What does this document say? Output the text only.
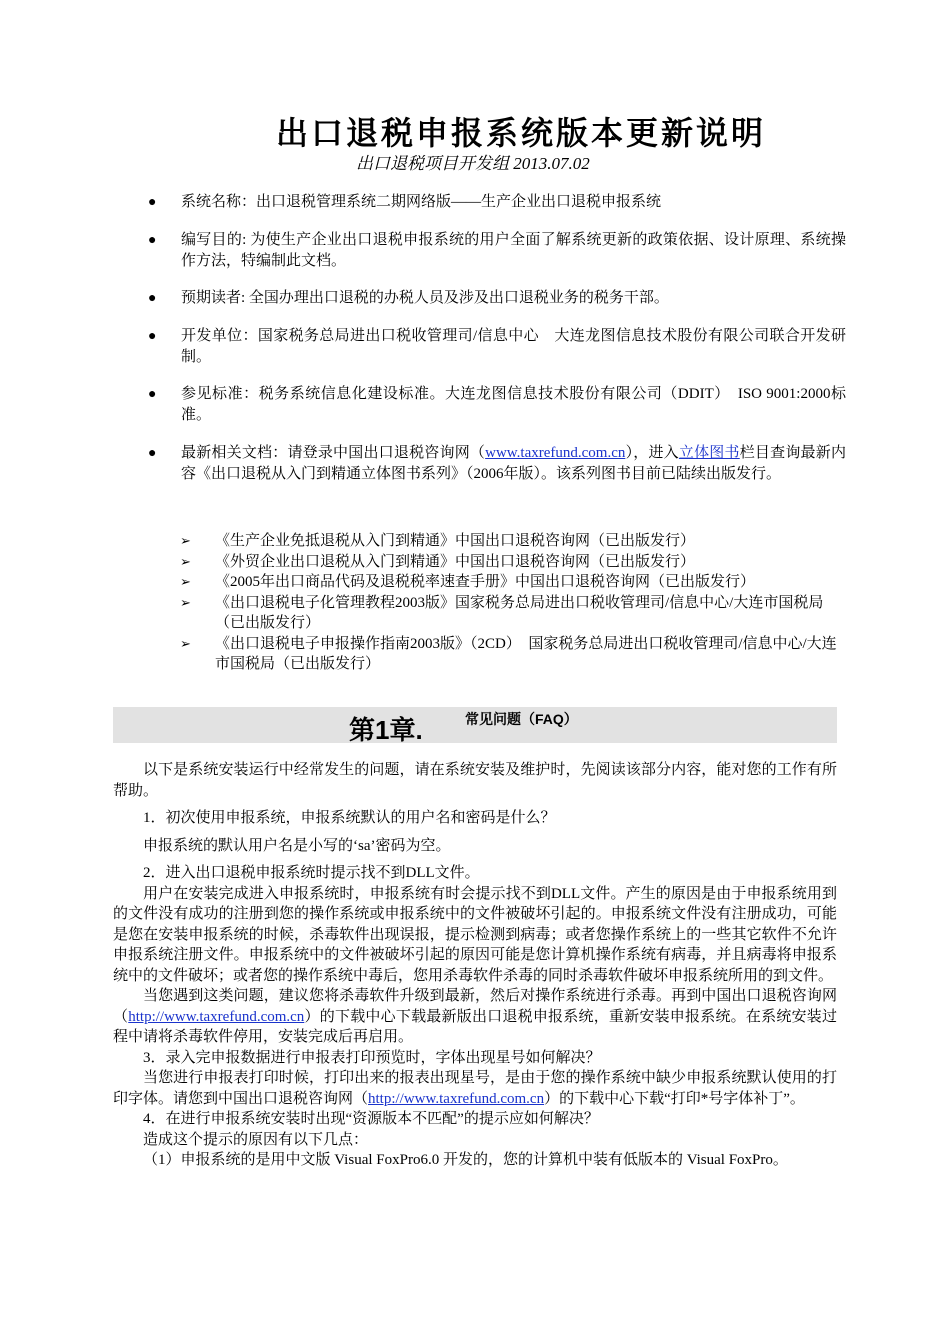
出口退税申报系统版本更新说明
出口退税项目开发组 2013.07.02
● 系统名称：出口退税管理系统二期网络版——生产企业出口退税申报系统
● 编写目的: 为使生产企业出口退税申报系统的用户全面了解系统更新的政策依据、设计原理、系统操作方法，特编制此文档。
● 预期读者: 全国办理出口退税的办税人员及涉及出口退税业务的税务干部。
● 开发单位：国家税务总局进出口税收管理司/信息中心　大连龙图信息技术股份有限公司联合开发研制。
● 参见标准：税务系统信息化建设标准。大连龙图信息技术股份有限公司（DDIT）　ISO 9001:2000标准。
● 最新相关文档：请登录中国出口退税咨询网（www.taxrefund.com.cn），进入立体图书栏目查询最新内容《出口退税从入门到精通立体图书系列》（2006年版）。该系列图书目前已陆续出版发行。
➢ 《生产企业免抵退税从入门到精通》中国出口退税咨询网（已出版发行）
➢ 《外贸企业出口退税从入门到精通》中国出口退税咨询网（已出版发行）
➢ 《2005年出口商品代码及退税税率速查手册》中国出口退税咨询网（已出版发行）
➢ 《出口退税电子化管理教程2003版》国家税务总局进出口税收管理司/信息中心/大连市国税局（已出版发行）
➢ 《出口退税电子申报操作指南2003版》（2CD）　国家税务总局进出口税收管理司/信息中心/大连市国税局（已出版发行）
第1章.	常见问题（FAQ）

以下是系统安装运行中经常发生的问题，请在系统安装及维护时，先阅读该部分内容，能对您的工作有所帮助。

1．初次使用申报系统，申报系统默认的用户名和密码是什么？

申报系统的默认用户名是小写的‘sa’密码为空。

2．进入出口退税申报系统时提示找不到DLL文件。

用户在安装完成进入申报系统时，申报系统有时会提示找不到DLL文件。产生的原因是由于申报系统用到的文件没有成功的注册到您的操作系统或申报系统中的文件被破坏引起的。申报系统文件没有注册成功，可能是您在安装申报系统的时候，杀毒软件出现误报，提示检测到病毒；或者您操作系统上的一些其它软件不允许申报系统注册文件。申报系统中的文件被破坏引起的原因可能是您计算机操作系统有病毒，并且病毒将申报系统中的文件破坏；或者您的操作系统中毒后，您用杀毒软件杀毒的同时杀毒软件破坏申报系统所用的到文件。

当您遇到这类问题，建议您将杀毒软件升级到最新，然后对操作系统进行杀毒。再到中国出口退税咨询网（http://www.taxrefund.com.cn）的下载中心下载最新版出口退税申报系统，重新安装申报系统。在系统安装过程中请将杀毒软件停用，安装完成后再启用。

3．录入完申报数据进行申报表打印预览时，字体出现星号如何解决？

当您进行申报表打印时候，打印出来的报表出现星号，是由于您的操作系统中缺少申报系统默认使用的打印字体。请您到中国出口退税咨询网（http://www.taxrefund.com.cn）的下载中心下载“打印*号字体补丁”。

4．在进行申报系统安装时出现“资源版本不匹配”的提示应如何解决？

造成这个提示的原因有以下几点：

（1）申报系统的是用中文版 Visual FoxPro6.0 开发的，您的计算机中装有低版本的 Visual FoxPro。
